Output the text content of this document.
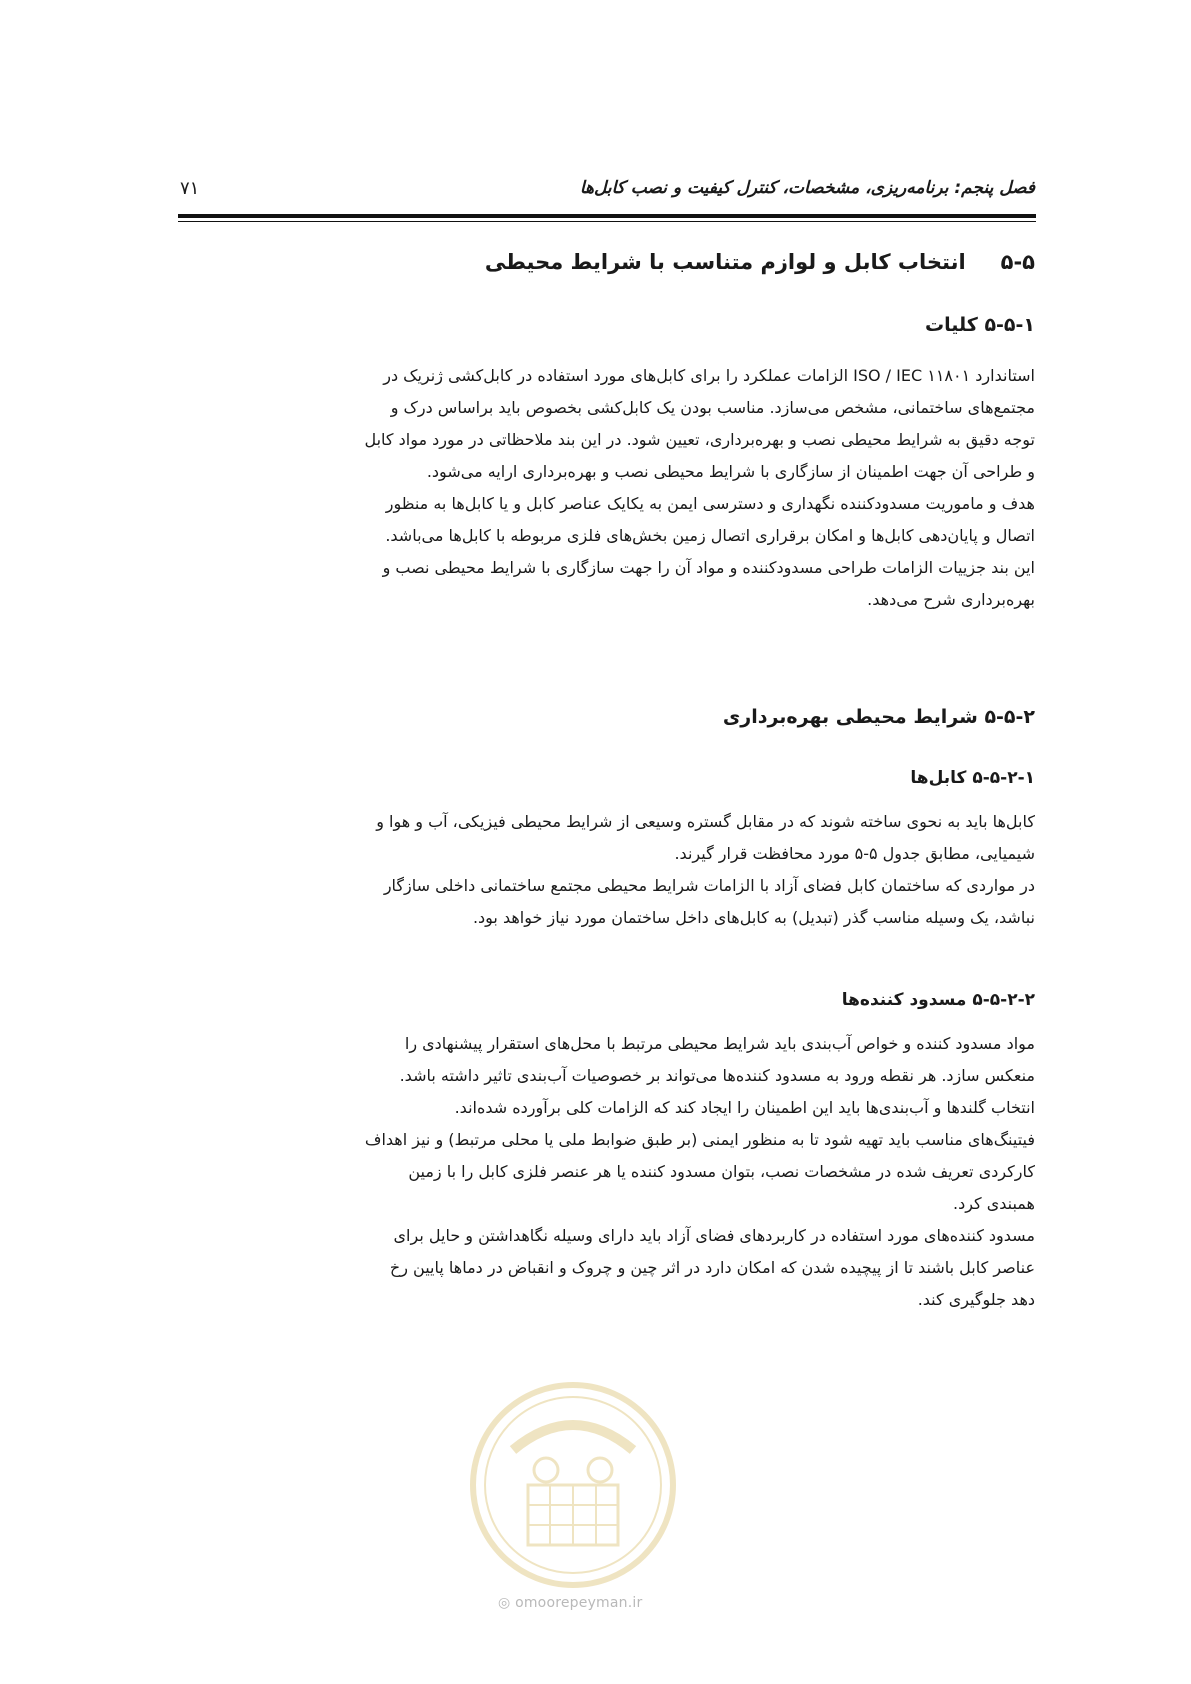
فصل پنجم: برنامه‌ریزی، مشخصات، کنترل کیفیت و نصب کابل‌ها
۷۱
۵-۵ انتخاب کابل و لوازم متناسب با شرایط محیطی
۵-۵-۱ کلیات
استاندارد ISO / IEC ۱۱۸۰۱ الزامات عملکرد را برای کابل‌های مورد استفاده در کابل‌کشی ژنریک در
مجتمع‌های ساختمانی، مشخص می‌سازد. مناسب بودن یک کابل‌کشی بخصوص باید براساس درک و
توجه دقیق به شرایط محیطی نصب و بهره‌برداری، تعیین شود. در این بند ملاحظاتی در مورد مواد کابل
و طراحی آن جهت اطمینان از سازگاری با شرایط محیطی نصب و بهره‌برداری ارایه می‌شود.
هدف و ماموریت مسدودکننده نگهداری و دسترسی ایمن به یکایک عناصر کابل و یا کابل‌ها به منظور
اتصال و پایان‌دهی کابل‌ها و امکان برقراری اتصال زمین بخش‌های فلزی مربوطه با کابل‌ها می‌باشد.
این بند جزییات الزامات طراحی مسدودکننده و مواد آن را جهت سازگاری با شرایط محیطی نصب و
بهره‌برداری شرح می‌دهد.
۵-۵-۲ شرایط محیطی بهره‌برداری
۵-۵-۲-۱ کابل‌ها
کابل‌ها باید به نحوی ساخته شوند که در مقابل گستره وسیعی از شرایط محیطی فیزیکی، آب و هوا و
شیمیایی، مطابق جدول ۵-۵ مورد محافظت قرار گیرند.
در مواردی که ساختمان کابل فضای آزاد با الزامات شرایط محیطی مجتمع ساختمانی داخلی سازگار
نباشد، یک وسیله مناسب گذر (تبدیل) به کابل‌های داخل ساختمان مورد نیاز خواهد بود.
۵-۵-۲-۲ مسدود کننده‌ها
مواد مسدود کننده و خواص آب‌بندی باید شرایط محیطی مرتبط با محل‌های استقرار پیشنهادی را
منعکس سازد. هر نقطه ورود به مسدود کننده‌ها می‌تواند بر خصوصیات آب‌بندی تاثیر داشته باشد.
انتخاب گلندها و آب‌بندی‌ها باید این اطمینان را ایجاد کند که الزامات کلی برآورده شده‌اند.
فیتینگ‌های مناسب باید تهیه شود تا به منظور ایمنی (بر طبق ضوابط ملی یا محلی مرتبط) و نیز اهداف
کارکردی تعریف شده در مشخصات نصب، بتوان مسدود کننده یا هر عنصر فلزی کابل را با زمین
همبندی کرد.
مسدود کننده‌های مورد استفاده در کاربردهای فضای آزاد باید دارای وسیله نگاهداشتن و حایل برای
عناصر کابل باشند تا از پیچیده شدن که امکان دارد در اثر چین و چروک و انقباض در دماها پایین رخ
دهد جلوگیری کند.
◎ omoorepeyman.ir
